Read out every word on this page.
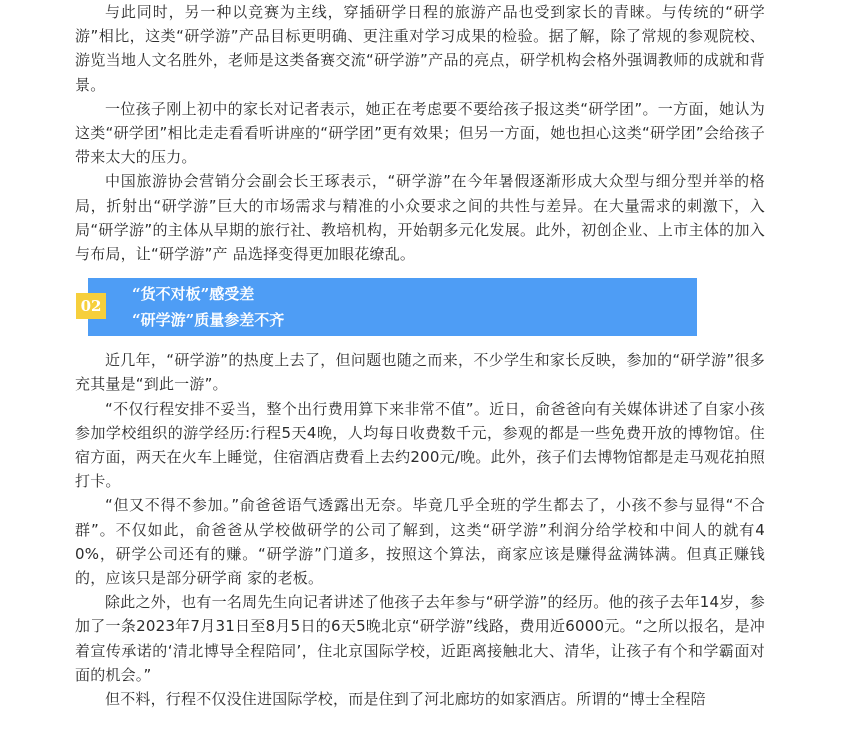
与此同时，另一种以竞赛为主线，穿插研学日程的旅游产品也受到家长的青睐。与传统的“研学游”相比，这类“研学游”产品目标更明确、更注重对学习成果的检验。据了解，除了常规的参观院校、游览当地人文名胜外，老师是这类备赛交流“研学游”产品的亮点，研学机构会格外强调教师的成就和背景。

一位孩子刚上初中的家长对记者表示，她正在考虑要不要给孩子报这类“研学团”。一方面，她认为这类“研学团”相比走走看看听讲座的“研学团”更有效果；但另一方面，她也担心这类“研学团”会给孩子带来太大的压力。

中国旅游协会营销分会副会长王琢表示，“研学游”在今年暑假逐渐形成大众型与细分型并举的格局，折射出“研学游”巨大的市场需求与精准的小众要求之间的共性与差异。在大量需求的刺激下，入局“研学游”的主体从早期的旅行社、教培机构，开始朝多元化发展。此外，初创企业、上市主体的加入与布局，让“研学游”产 品选择变得更加眼花缭乱。

02
“货不对板”感受差
“研学游”质量参差不齐

近几年，“研学游”的热度上去了，但问题也随之而来，不少学生和家长反映，参加的“研学游”很多充其量是“到此一游”。

“不仅行程安排不妥当，整个出行费用算下来非常不值”。近日，俞爸爸向有关媒体讲述了自家小孩参加学校组织的游学经历:行程5天4晚，人均每日收费数千元，参观的都是一些免费开放的博物馆。住宿方面，两天在火车上睡觉，住宿酒店费看上去约200元/晚。此外，孩子们去博物馆都是走马观花拍照打卡。

“但又不得不参加。”俞爸爸语气透露出无奈。毕竟几乎全班的学生都去了，小孩不参与显得“不合群”。不仅如此，俞爸爸从学校做研学的公司了解到，这类“研学游”利润分给学校和中间人的就有40%，研学公司还有的赚。“研学游”门道多，按照这个算法，商家应该是赚得盆满钵满。但真正赚钱的，应该只是部分研学商 家的老板。

除此之外，也有一名周先生向记者讲述了他孩子去年参与“研学游”的经历。他的孩子去年14岁，参加了一条2023年7月31日至8月5日的6天5晚北京“研学游”线路，费用近6000元。“之所以报名，是冲着宣传承诺的‘清北博导全程陪同’，住北京国际学校，近距离接触北大、清华，让孩子有个和学霸面对面的机会。”

但不料，行程不仅没住进国际学校，而是住到了河北廊坊的如家酒店。所谓的“博士全程陪
